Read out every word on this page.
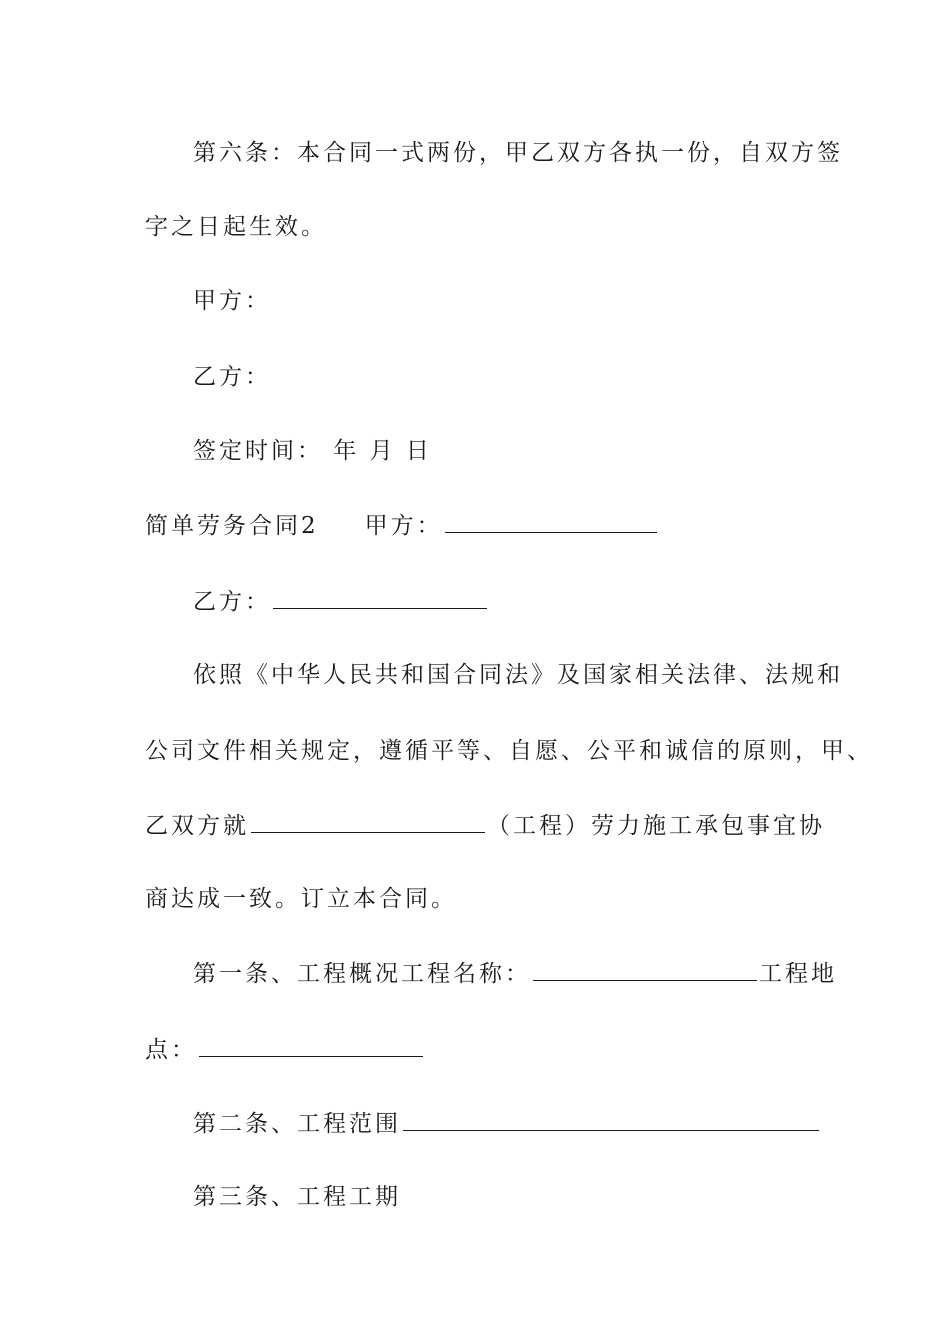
第六条：本合同一式两份，甲乙双方各执一份，自双方签
字之日起生效。
甲方：
乙方：
签定时间： 年 月 日
简单劳务合同2 甲方：
乙方：
依照《中华人民共和国合同法》及国家相关法律、法规和
公司文件相关规定，遵循平等、自愿、公平和诚信的原则，甲、
乙双方就	（工程）劳力施工承包事宜协
商达成一致。订立本合同。
第一条、工程概况工程名称：	工程地
点：
第二条、工程范围
第三条、工程工期
